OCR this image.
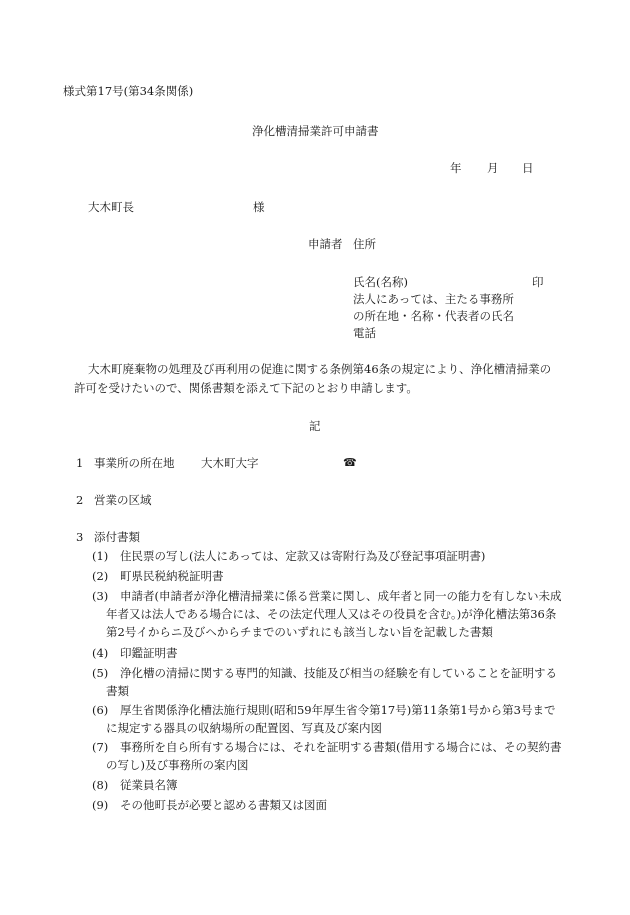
様式第17号(第34条関係)
浄化槽清掃業許可申請書
年 月 日
大木町長	様
申請者 住所
氏名(名称)	印
法人にあっては、主たる事務所
の所在地・名称・代表者の氏名
電話
大木町廃棄物の処理及び再利用の促進に関する条例第46条の規定により、浄化槽清掃業の
許可を受けたいので、関係書類を添えて下記のとおり申請します。
記
1 事業所の所在地 大木町大字	☎
2 営業の区域
3 添付書類
(1)	住民票の写し(法人にあっては、定款又は寄附行為及び登記事項証明書)
(2)	町県民税納税証明書
(3)	申請者(申請者が浄化槽清掃業に係る営業に関し、成年者と同一の能力を有しない未成年者又は法人である場合には、その法定代理人又はその役員を含む。)が浄化槽法第36条第2号イからニ及びヘからチまでのいずれにも該当しない旨を記載した書類
(4)	印鑑証明書
(5)	浄化槽の清掃に関する専門的知識、技能及び相当の経験を有していることを証明する書類
(6)	厚生省関係浄化槽法施行規則(昭和59年厚生省令第17号)第11条第1号から第3号までに規定する器具の収納場所の配置図、写真及び案内図
(7)	事務所を自ら所有する場合には、それを証明する書類(借用する場合には、その契約書の写し)及び事務所の案内図
(8)	従業員名簿
(9)	その他町長が必要と認める書類又は図面
